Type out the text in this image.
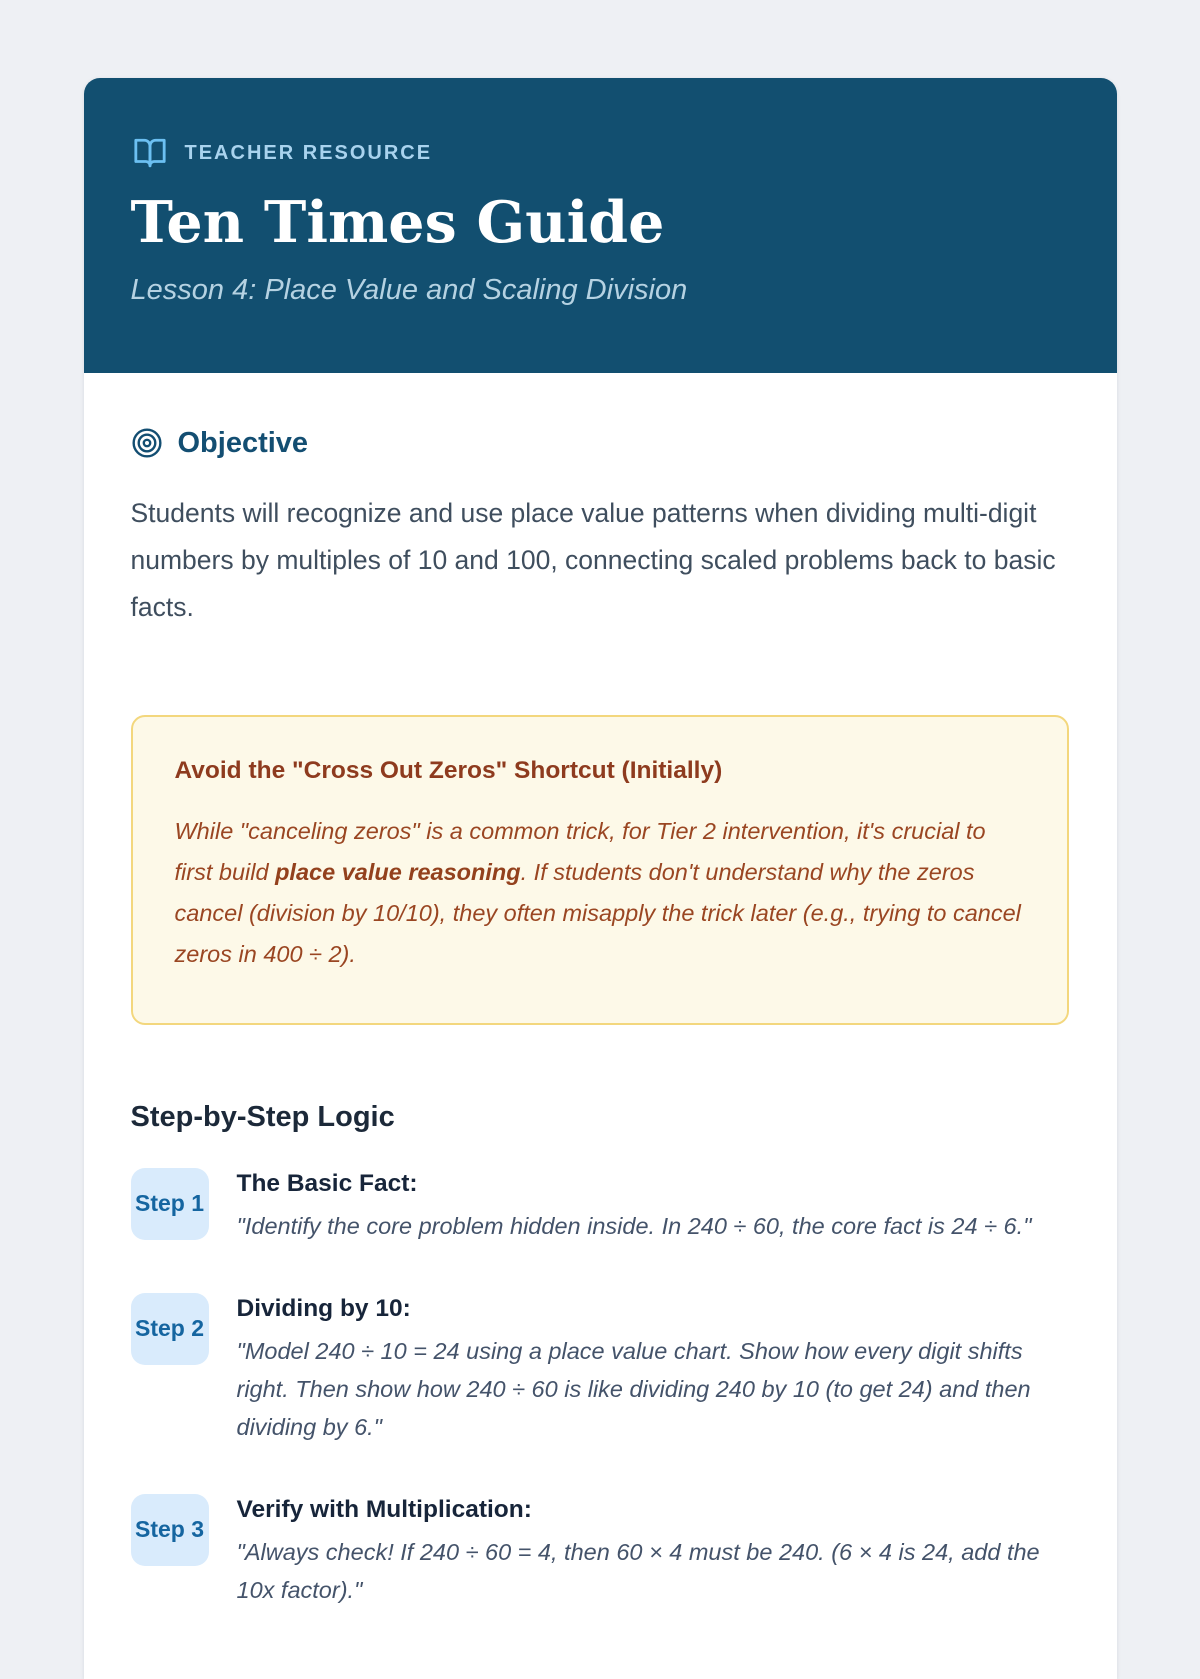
TEACHER RESOURCE
Ten Times Guide
Lesson 4: Place Value and Scaling Division
Objective

Students will recognize and use place value patterns when dividing multi-digit numbers by multiples of 10 and 100, connecting scaled problems back to basic facts.

Avoid the "Cross Out Zeros" Shortcut (Initially)

While "canceling zeros" is a common trick, for Tier 2 intervention, it's crucial to first build place value reasoning. If students don't understand why the zeros cancel (division by 10/10), they often misapply the trick later (e.g., trying to cancel zeros in 400 ÷ 2).

Step-by-Step Logic
Step 1
The Basic Fact:
"Identify the core problem hidden inside. In 240 ÷ 60, the core fact is 24 ÷ 6."
Step 2
Dividing by 10:
"Model 240 ÷ 10 = 24 using a place value chart. Show how every digit shifts right. Then show how 240 ÷ 60 is like dividing 240 by 10 (to get 24) and then dividing by 6."
Step 3
Verify with Multiplication:
"Always check! If 240 ÷ 60 = 4, then 60 × 4 must be 240. (6 × 4 is 24, add the 10x factor)."
